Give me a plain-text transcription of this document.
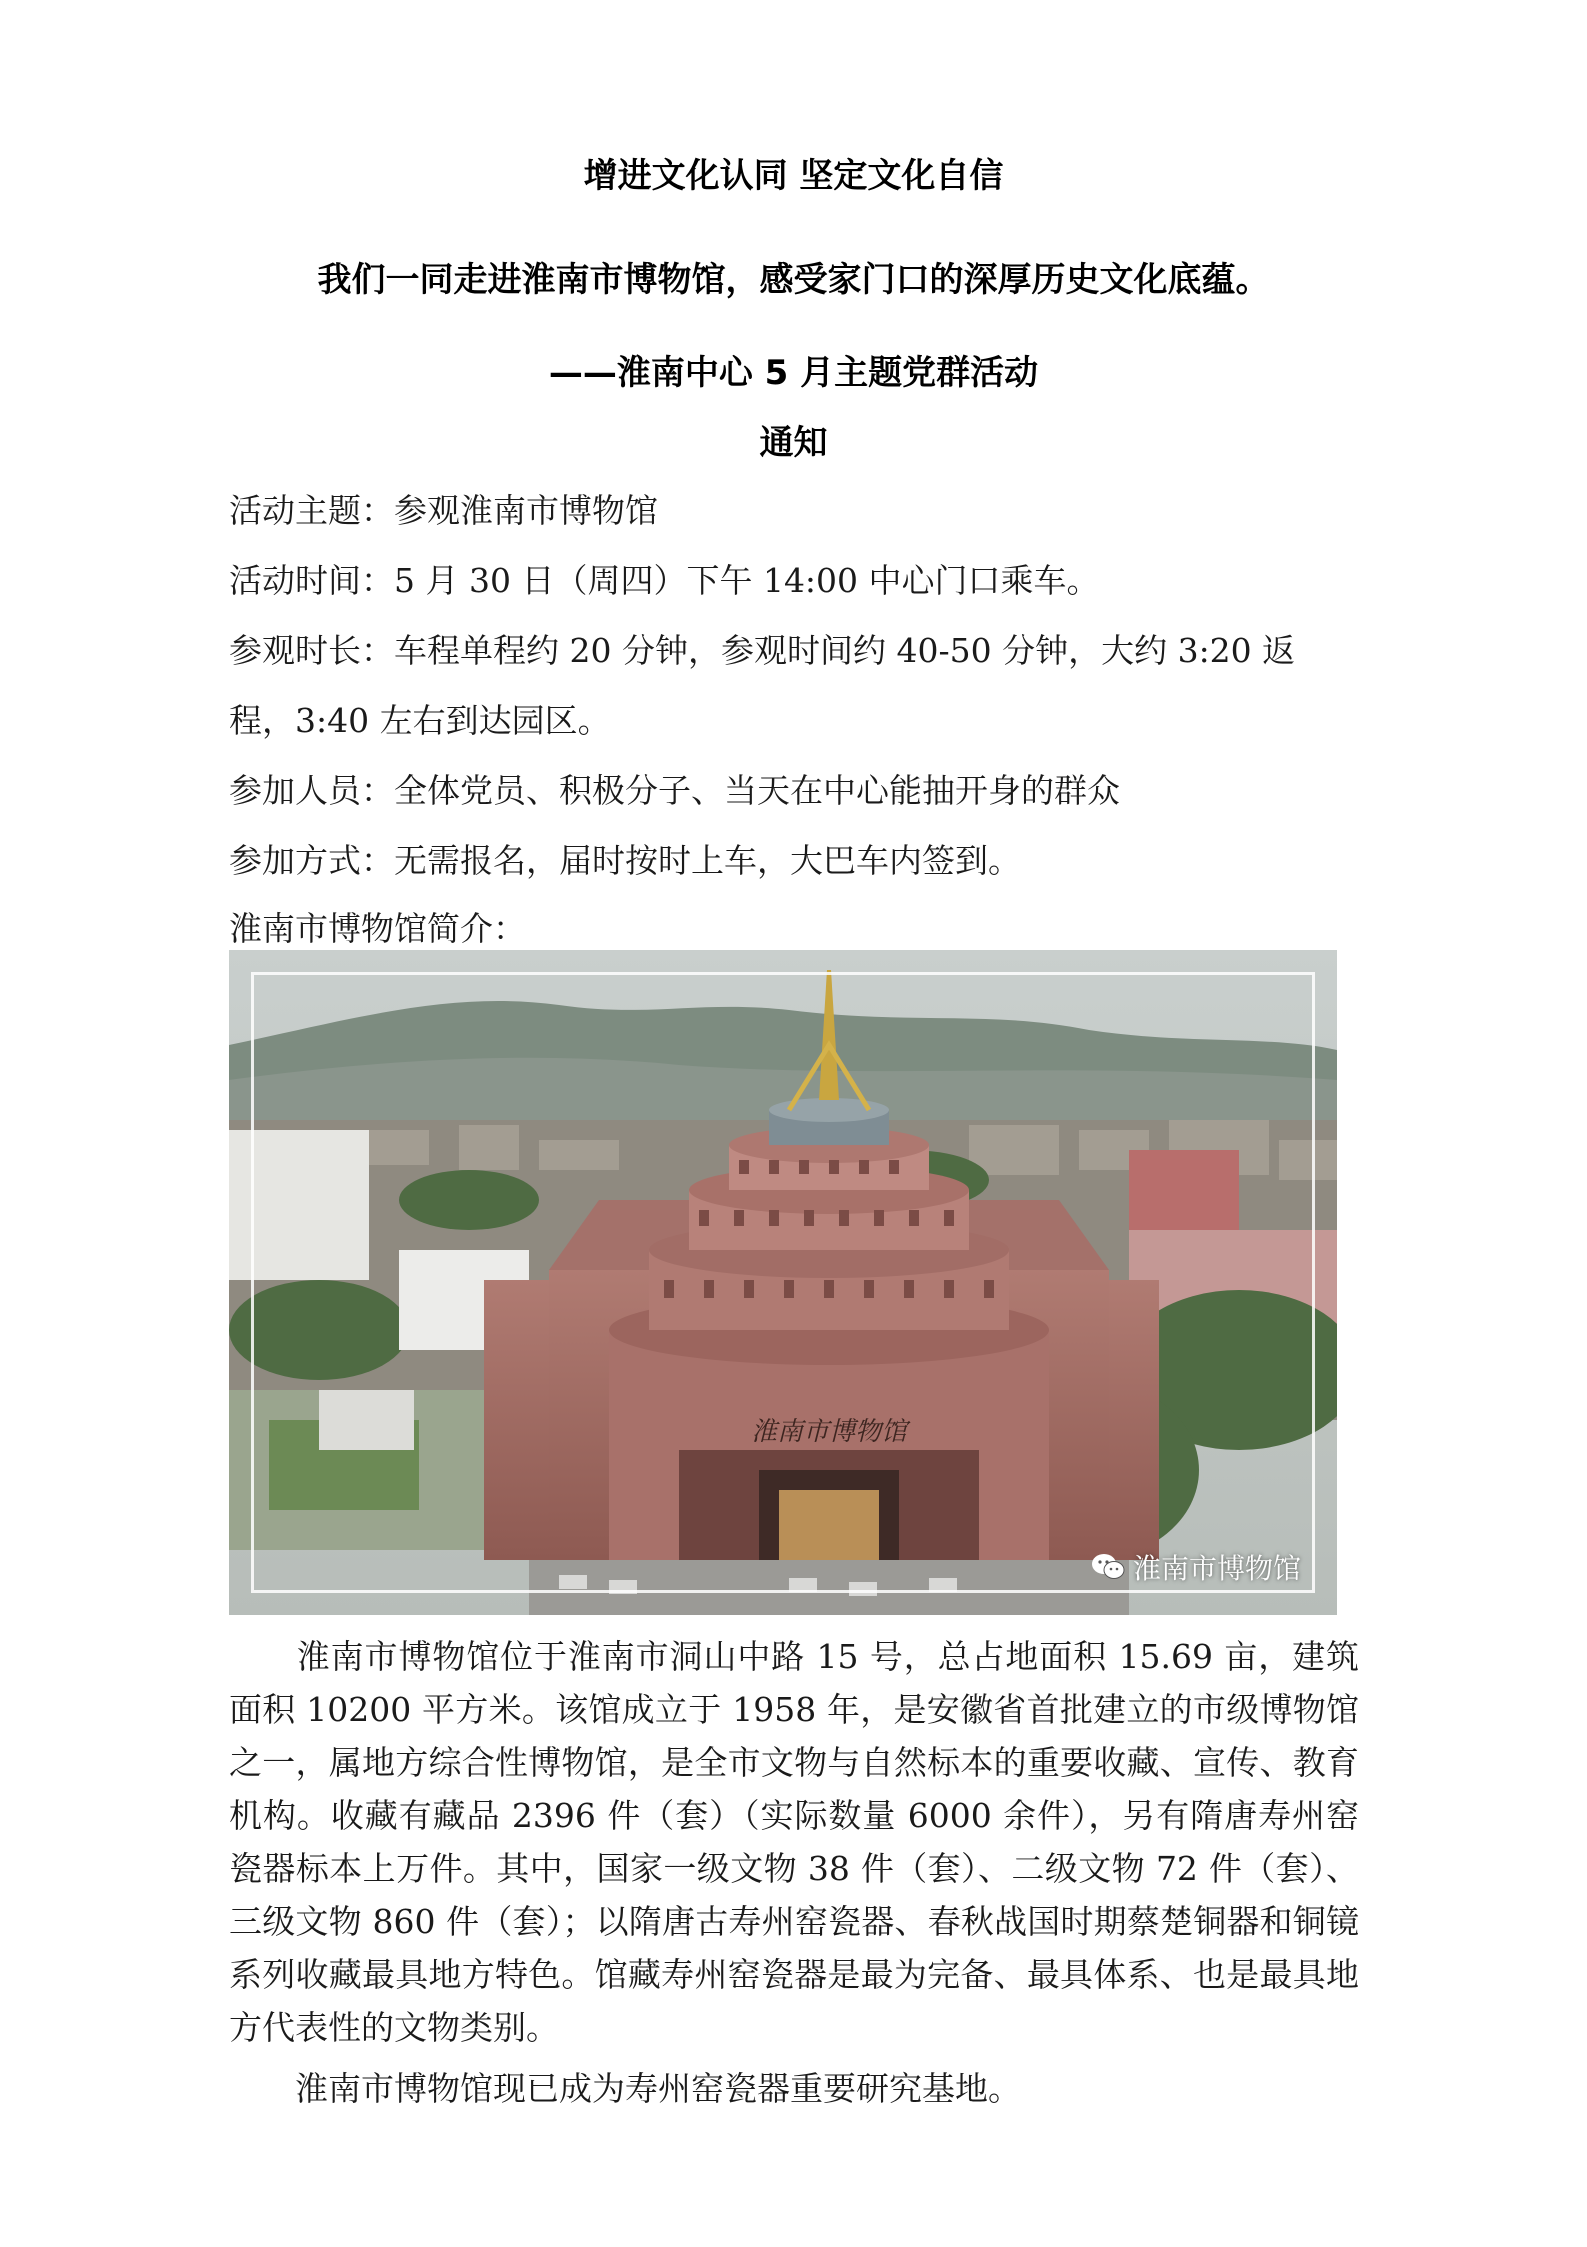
增进文化认同 坚定文化自信
我们一同走进淮南市博物馆，感受家门口的深厚历史文化底蕴。
——淮南中心 5 月主题党群活动
通知
活动主题：参观淮南市博物馆
活动时间：5 月 30 日（周四）下午 14:00 中心门口乘车。
参观时长：车程单程约 20 分钟，参观时间约 40-50 分钟，大约 3:20 返
程，3:40 左右到达园区。
参加人员：全体党员、积极分子、当天在中心能抽开身的群众
参加方式：无需报名，届时按时上车，大巴车内签到。
淮南市博物馆简介：
淮南市博物馆
淮南市博物馆

　　淮南市博物馆位于淮南市洞山中路 15 号，总占地面积 15.69 亩，建筑面积 10200 平方米。该馆成立于 1958 年，是安徽省首批建立的市级博物馆之一，属地方综合性博物馆，是全市文物与自然标本的重要收藏、宣传、教育机构。收藏有藏品 2396 件（套）（实际数量 6000 余件），另有隋唐寿州窑瓷器标本上万件。其中，国家一级文物 38 件（套）、二级文物 72 件（套）、三级文物 860 件（套）；以隋唐古寿州窑瓷器、春秋战国时期蔡楚铜器和铜镜系列收藏最具地方特色。馆藏寿州窑瓷器是最为完备、最具体系、也是最具地方代表性的文物类别。

　　淮南市博物馆现已成为寿州窑瓷器重要研究基地。
